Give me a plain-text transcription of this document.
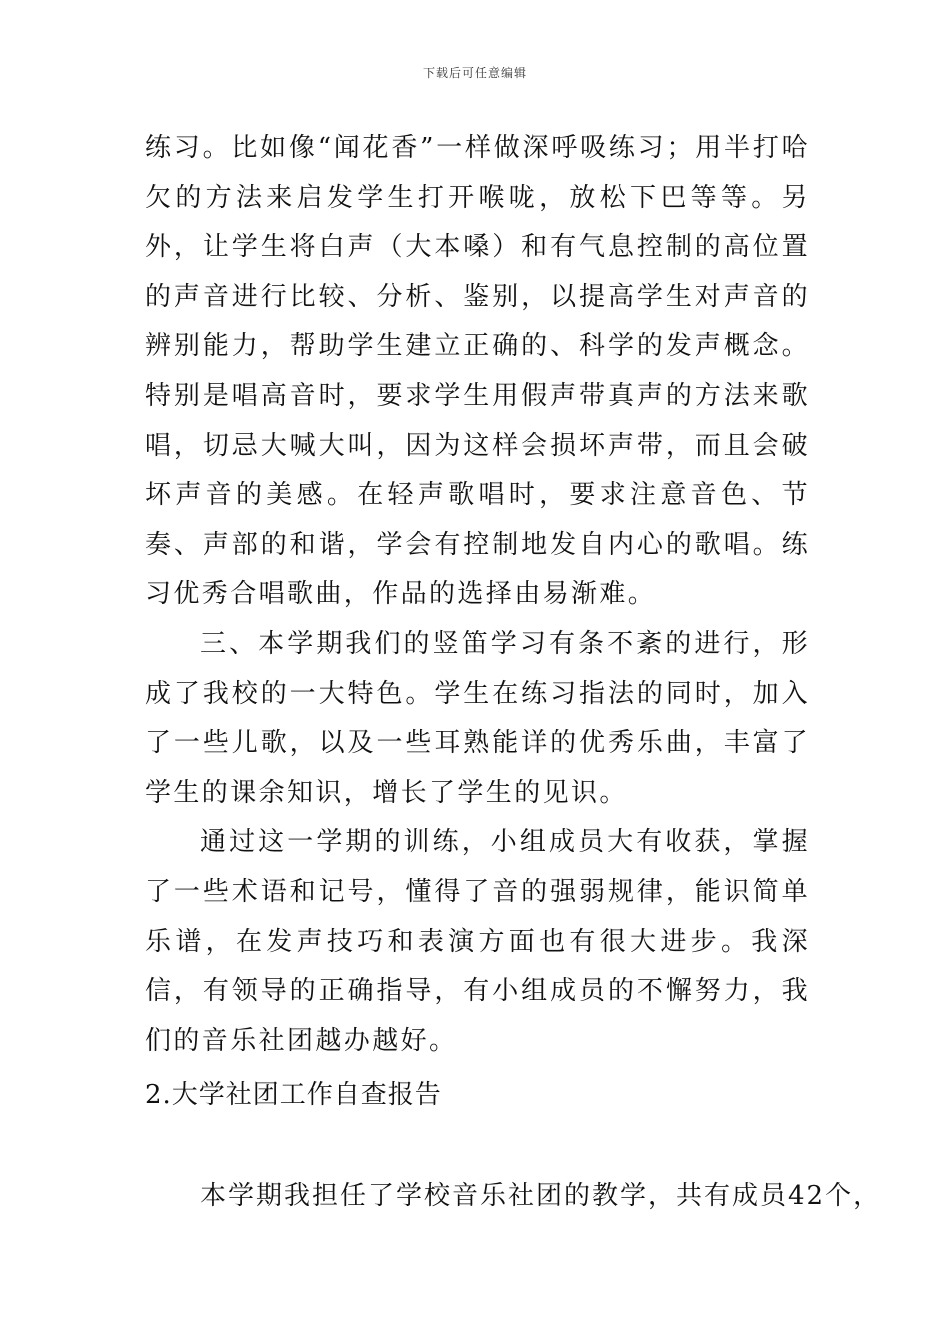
下载后可任意编辑

练习。比如像“闻花香”一样做深呼吸练习；用半打哈欠的方法来启发学生打开喉咙，放松下巴等等。另外，让学生将白声（大本嗓）和有气息控制的高位置的声音进行比较、分析、鉴别，以提高学生对声音的辨别能力，帮助学生建立正确的、科学的发声概念。特别是唱高音时，要求学生用假声带真声的方法来歌唱，切忌大喊大叫，因为这样会损坏声带，而且会破坏声音的美感。在轻声歌唱时，要求注意音色、节奏、声部的和谐，学会有控制地发自内心的歌唱。练习优秀合唱歌曲，作品的选择由易渐难。

三、本学期我们的竖笛学习有条不紊的进行，形成了我校的一大特色。学生在练习指法的同时，加入了一些儿歌，以及一些耳熟能详的优秀乐曲，丰富了学生的课余知识，增长了学生的见识。

通过这一学期的训练，小组成员大有收获，掌握了一些术语和记号，懂得了音的强弱规律，能识简单乐谱，在发声技巧和表演方面也有很大进步。我深信，有领导的正确指导，有小组成员的不懈努力，我们的音乐社团越办越好。

2.大学社团工作自查报告

本学期我担任了学校音乐社团的教学，共有成员42个，
